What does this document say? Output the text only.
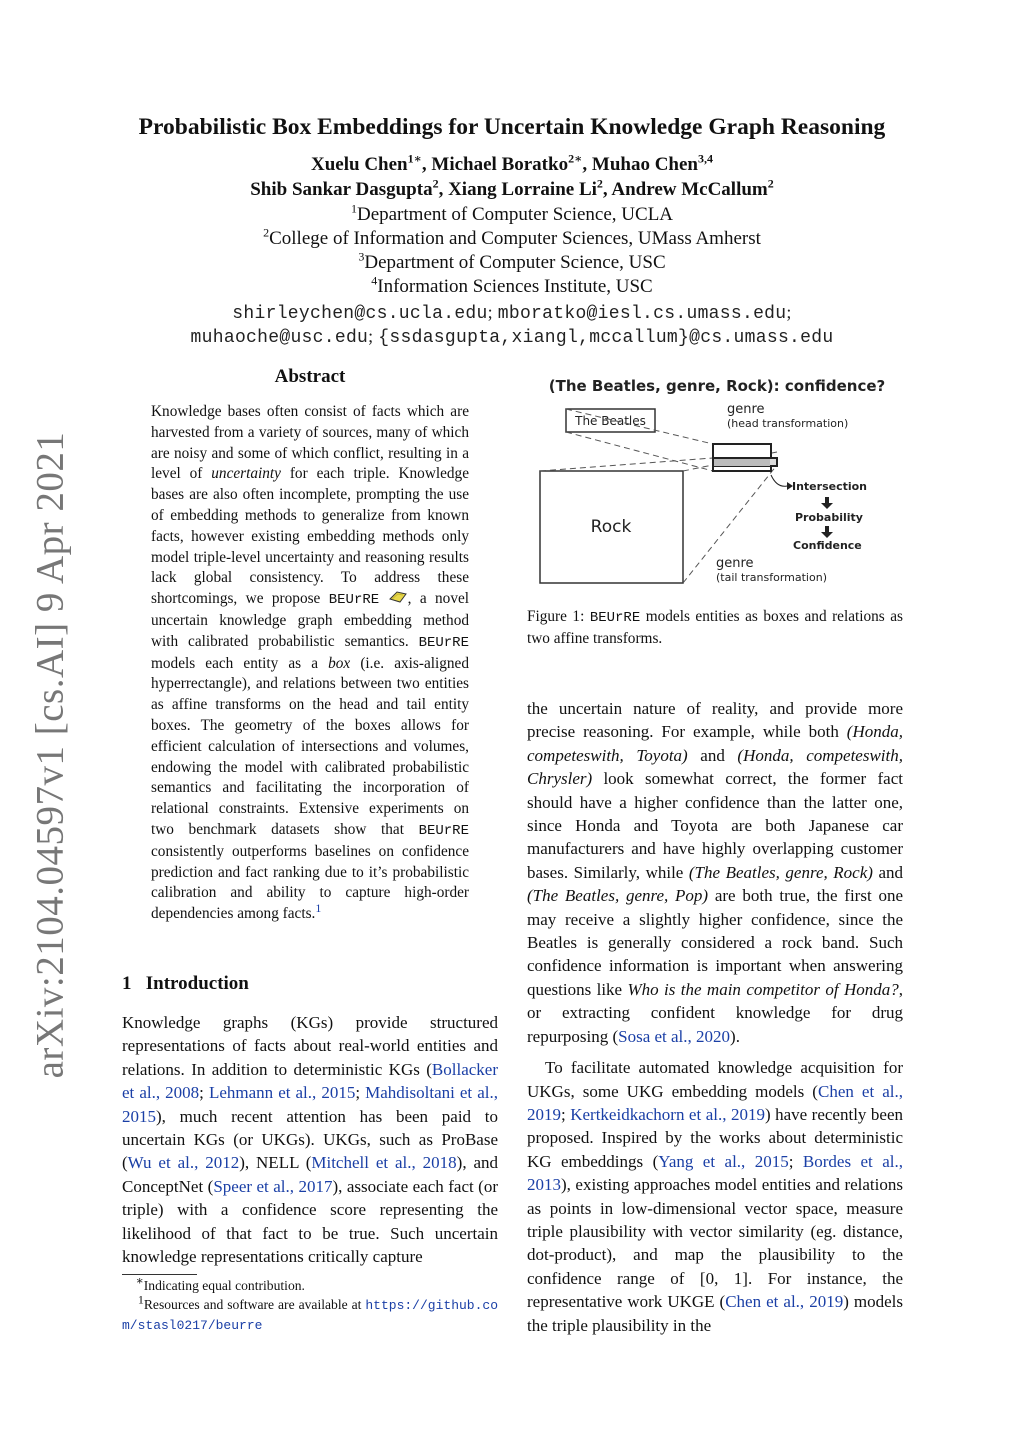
arXiv:2104.04597v1 [cs.AI] 9 Apr 2021
Probabilistic Box Embeddings for Uncertain Knowledge Graph Reasoning
Xuelu Chen$^{1∗}$, Michael Boratko$^{2∗}$, Muhao Chen$^{3,4}$
Shib Sankar Dasgupta$^2$, Xiang Lorraine Li$^2$, Andrew McCallum$^2$
$^1$Department of Computer Science, UCLA
$^2$College of Information and Computer Sciences, UMass Amherst
$^3$Department of Computer Science, USC
$^4$Information Sciences Institute, USC
shirleychen@cs.ucla.edu; mboratko@iesl.cs.umass.edu;
muhaoche@usc.edu; {ssdasgupta,xiangl,mccallum}@cs.umass.edu
Abstract
Knowledge bases often consist of facts which are harvested from a variety of sources, many of which are noisy and some of which conflict, resulting in a level of uncertainty for each triple. Knowledge bases are also often incomplete, prompting the use of embedding methods to generalize from known facts, however existing embedding methods only model triple-level uncertainty and reasoning results lack global consistency. To address these shortcomings, we propose BEUrRE , a novel uncertain knowledge graph embedding method with calibrated probabilistic semantics. BEUrRE models each entity as a box (i.e. axis-aligned hyperrectangle), and relations between two entities as affine transforms on the head and tail entity boxes. The geometry of the boxes allows for efficient calculation of intersections and volumes, endowing the model with calibrated probabilistic semantics and facilitating the incorporation of relational constraints. Extensive experiments on two benchmark datasets show that BEUrRE consistently outperforms baselines on confidence prediction and fact ranking due to it’s probabilistic calibration and ability to capture high-order dependencies among facts.$^1$
1 Introduction
Knowledge graphs (KGs) provide structured representations of facts about real-world entities and relations. In addition to deterministic KGs (Bollacker et al., 2008; Lehmann et al., 2015; Mahdisoltani et al., 2015), much recent attention has been paid to uncertain KGs (or UKGs). UKGs, such as ProBase (Wu et al., 2012), NELL (Mitchell et al., 2018), and ConceptNet (Speer et al., 2017), associate each fact (or triple) with a confidence score representing the likelihood of that fact to be true. Such uncertain knowledge representations critically capture
∗Indicating equal contribution.
$^1$Resources and software are available at https://github.com/stasl0217/beurre
(The Beatles, genre, Rock): confidence?
The Beatles
Rock
genre
(head transformation)
genre
(tail transformation)
Intersection
Probability
Confidence
Figure 1: BEUrRE models entities as boxes and relations as two affine transforms.

the uncertain nature of reality, and provide more precise reasoning. For example, while both (Honda, competeswith, Toyota) and (Honda, competeswith, Chrysler) look somewhat correct, the former fact should have a higher confidence than the latter one, since Honda and Toyota are both Japanese car manufacturers and have highly overlapping customer bases. Similarly, while (The Beatles, genre, Rock) and (The Beatles, genre, Pop) are both true, the first one may receive a slightly higher confidence, since the Beatles is generally considered a rock band. Such confidence information is important when answering questions like Who is the main competitor of Honda?, or extracting confident knowledge for drug repurposing (Sosa et al., 2020).

To facilitate automated knowledge acquisition for UKGs, some UKG embedding models (Chen et al., 2019; Kertkeidkachorn et al., 2019) have recently been proposed. Inspired by the works about deterministic KG embeddings (Yang et al., 2015; Bordes et al., 2013), existing approaches model entities and relations as points in low-dimensional vector space, measure triple plausibility with vector similarity (eg. distance, dot-product), and map the plausibility to the confidence range of [0, 1]. For instance, the representative work UKGE (Chen et al., 2019) models the triple plausibility in the
